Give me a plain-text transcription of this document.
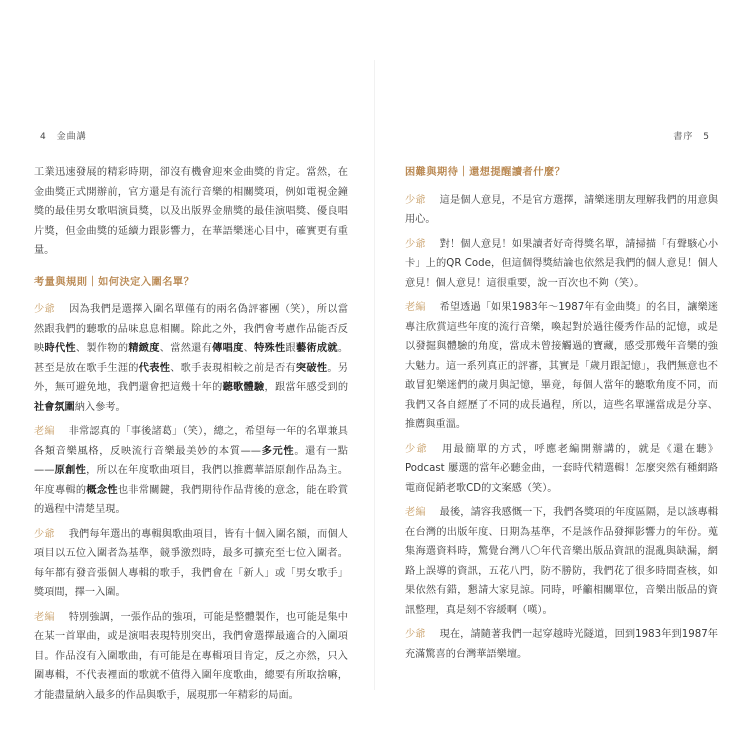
4 金曲講

工業迅速發展的精彩時期，卻沒有機會迎來金曲獎的肯定。當然，在金曲獎正式開辦前，官方還是有流行音樂的相關獎項，例如電視金鐘獎的最佳男女歌唱演員獎，以及出版界金鼎獎的最佳演唱獎、優良唱片獎，但金曲獎的延續力跟影響力，在華語樂迷心目中，確實更有重量。

考量與規則｜如何決定入圍名單？

少爺 因為我們是選擇入圍名單僅有的兩名偽評審團（笑），所以當然跟我們的聽歌的品味息息相關。除此之外，我們會考慮作品能否反映時代性、製作物的精緻度、當然還有傳唱度、特殊性跟藝術成就。甚至是放在歌手生涯的代表性、歌手表現相較之前是否有突破性。另外，無可避免地，我們還會把這幾十年的聽歌體驗，跟當年感受到的社會氛圍納入參考。

老編 非常認真的「事後諸葛」（笑），總之，希望每一年的名單兼具各類音樂風格，反映流行音樂最美妙的本質——多元性。還有一點——原創性，所以在年度歌曲項目，我們以推薦華語原創作品為主。年度專輯的概念性也非常關鍵，我們期待作品背後的意念，能在聆賞的過程中清楚呈現。

少爺 我們每年選出的專輯與歌曲項目，皆有十個入圍名額，而個人項目以五位入圍者為基準，競爭激烈時，最多可擴充至七位入圍者。每年都有發音張個人專輯的歌手，我們會在「新人」或「男女歌手」獎項間，擇一入圍。

老編 特別強調，一張作品的強項，可能是整體製作，也可能是集中在某一首單曲，或是演唱表現特別突出，我們會選擇最適合的入圍項目。作品沒有入圍歌曲，有可能是在專輯項目肯定，反之亦然，只入圍專輯，不代表裡面的歌就不值得入圍年度歌曲，總要有所取捨嘛，才能盡量納入最多的作品與歌手，展現那一年精彩的局面。

書序 5
困難與期待｜還想提醒讀者什麼？

少爺 這是個人意見，不是官方選擇，請樂迷朋友理解我們的用意與用心。

少爺 對！個人意見！如果讀者好奇得獎名單，請掃描「有聲駭心小卡」上的QR Code，但這個得獎結論也依然是我們的個人意見！個人意見！個人意見！這很重要，說一百次也不夠（笑）。

老編 希望透過「如果1983年～1987年有金曲獎」的名目，讓樂迷專注欣賞這些年度的流行音樂，喚起對於過往優秀作品的記憶，或是以發掘與體驗的角度，當成未曾接觸過的寶藏，感受那幾年音樂的強大魅力。這一系列真正的評審，其實是「歲月跟記憶」，我們無意也不敢冒犯樂迷們的歲月與記憶，畢竟，每個人當年的聽歌角度不同，而我們又各自經歷了不同的成長過程，所以，這些名單謹當成是分享、推薦與重溫。

少爺 用最簡單的方式，呼應老編開辦講的，就是《還在聽》Podcast 屢選的當年必聽金曲，一套時代精選輯！怎麼突然有種網路電商促銷老歌CD的文案感（笑）。

老編 最後，請容我感慨一下，我們各獎項的年度區隔，是以該專輯在台灣的出版年度、日期為基準，不是該作品發揮影響力的年份。蒐集海選資料時，驚覺台灣八〇年代音樂出版品資訊的混亂與缺漏，網路上誤導的資訊，五花八門，防不勝防，我們花了很多時間查核，如果依然有錯，懇請大家見諒。同時，呼籲相關單位，音樂出版品的資訊整理，真是刻不容緩啊（嘆）。

少爺 現在，請隨著我們一起穿越時光隧道，回到1983年到1987年充滿驚喜的台灣華語樂壇。
